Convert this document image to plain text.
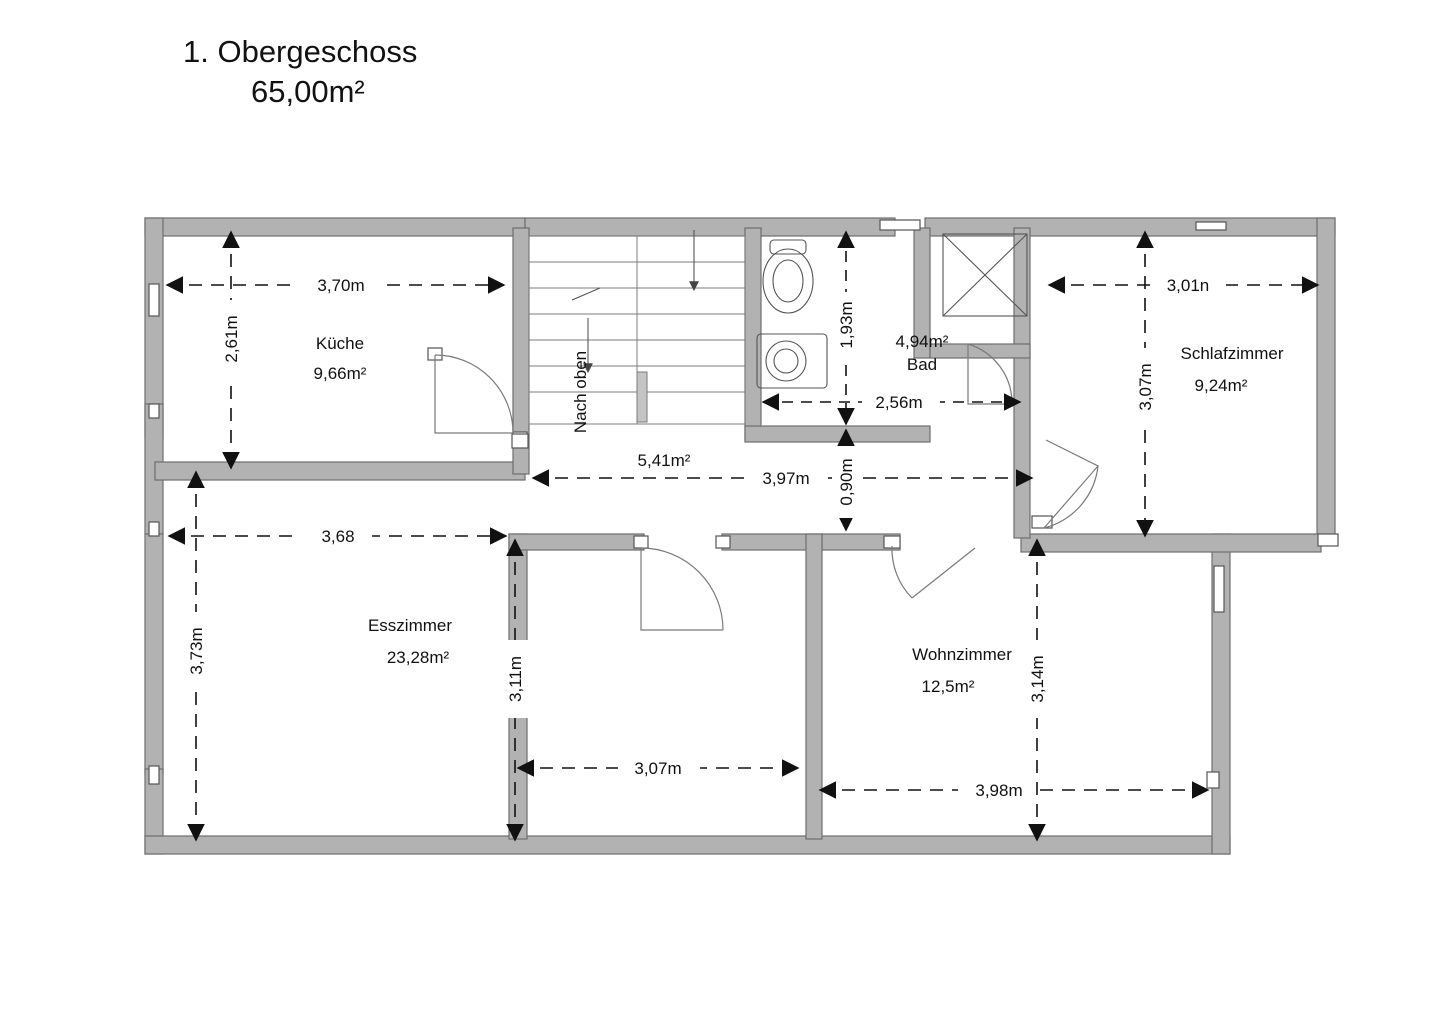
1. Obergeschoss
65,00m²
Nach oben
Küche
9,66m²
Schlafzimmer
9,24m²
4,94m²
Bad
5,41m²
Esszimmer
23,28m²	Wohnzimmer
12,5m²
3,70m
2,61m
3,01n
3,07m
1,93m
2,56m
3,97m 0,90m
3,68
3,73m
3,11m
3,07m
3,98m
3,14m
